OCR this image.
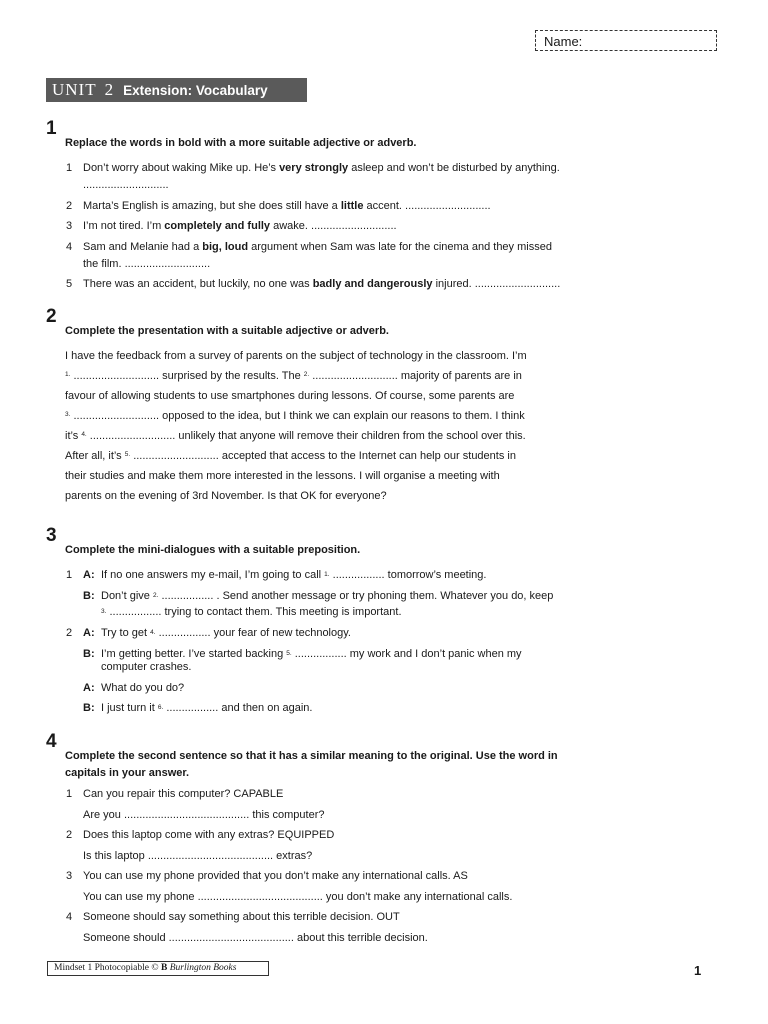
Name:
UNIT 2 Extension: Vocabulary
1
Replace the words in bold with a more suitable adjective or adverb.
1 Don’t worry about waking Mike up. He’s very strongly asleep and won’t be disturbed by anything.
............................
2 Marta’s English is amazing, but she does still have a little accent. ............................
3 I’m not tired. I’m completely and fully awake. ............................
4 Sam and Melanie had a big, loud argument when Sam was late for the cinema and they missed
the film. ............................
5 There was an accident, but luckily, no one was badly and dangerously injured. ............................
2
Complete the presentation with a suitable adjective or adverb.
I have the feedback from a survey of parents on the subject of technology in the classroom. I’m
$^{1.}$ ............................ surprised by the results. The $^{2.}$ ............................ majority of parents are in
favour of allowing students to use smartphones during lessons. Of course, some parents are
$^{3.}$ ............................ opposed to the idea, but I think we can explain our reasons to them. I think
it’s $^{4.}$ ............................ unlikely that anyone will remove their children from the school over this.
After all, it’s $^{5.}$ ............................ accepted that access to the Internet can help our students in
their studies and make them more interested in the lessons. I will organise a meeting with
parents on the evening of 3rd November. Is that OK for everyone?
3
Complete the mini-dialogues with a suitable preposition.
1 A: If no one answers my e-mail, I’m going to call $^{1.}$ ................. tomorrow’s meeting.
B: Don’t give $^{2.}$ ................. . Send another message or try phoning them. Whatever you do, keep
$^{3.}$ ................. trying to contact them. This meeting is important.
2 A: Try to get $^{4.}$ ................. your fear of new technology.
B: I’m getting better. I’ve started backing $^{5.}$ ................. my work and I don’t panic when my
computer crashes.
A: What do you do?
B: I just turn it $^{6.}$ ................. and then on again.
4
Complete the second sentence so that it has a similar meaning to the original. Use the word in
capitals in your answer.
1 Can you repair this computer? CAPABLE
Are you ......................................... this computer?
2 Does this laptop come with any extras? EQUIPPED
Is this laptop ......................................... extras?
3 You can use my phone provided that you don’t make any international calls. AS
You can use my phone ......................................... you don’t make any international calls.
4 Someone should say something about this terrible decision. OUT
Someone should ......................................... about this terrible decision.
Mindset 1 Photocopiable © B Burlington Books	1
